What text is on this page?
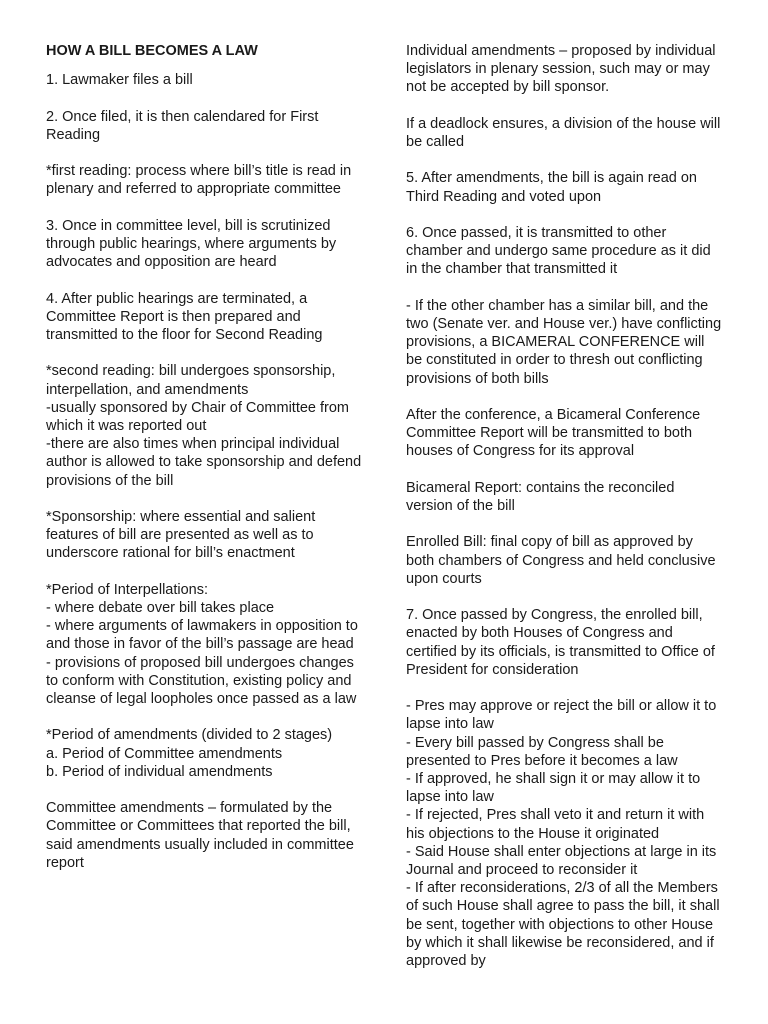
HOW A BILL BECOMES A LAW
1. Lawmaker files a bill
2. Once filed, it is then calendared for First Reading
*first reading: process where bill’s title is read in plenary and referred to appropriate committee
3. Once in committee level, bill is scrutinized through public hearings, where arguments by advocates and opposition are heard
4. After public hearings are terminated, a Committee Report is then prepared and transmitted to the floor for Second Reading
*second reading: bill undergoes sponsorship, interpellation, and amendments
-usually sponsored by Chair of Committee from which it was reported out
-there are also times when principal individual author is allowed to take sponsorship and defend provisions of the bill
*Sponsorship: where essential and salient features of bill are presented as well as to underscore rational for bill’s enactment
*Period of Interpellations:
- where debate over bill takes place
- where arguments of lawmakers in opposition to and those in favor of the bill’s passage are head
- provisions of proposed bill undergoes changes to conform with Constitution, existing policy and cleanse of legal loopholes once passed as a law
*Period of amendments (divided to 2 stages)
a. Period of Committee amendments
b. Period of individual amendments
Committee amendments – formulated by the Committee or Committees that reported the bill, said amendments usually included in committee report
Individual amendments – proposed by individual legislators in plenary session, such may or may not be accepted by bill sponsor.
If a deadlock ensures, a division of the house will be called
5. After amendments, the bill is again read on Third Reading and voted upon
6. Once passed, it is transmitted to other chamber and undergo same procedure as it did in the chamber that transmitted it
- If the other chamber has a similar bill, and the two (Senate ver. and House ver.) have conflicting provisions, a BICAMERAL CONFERENCE will be constituted in order to thresh out conflicting provisions of both bills
After the conference, a Bicameral Conference Committee Report will be transmitted to both houses of Congress for its approval
Bicameral Report: contains the reconciled version of the bill
Enrolled Bill: final copy of bill as approved by both chambers of Congress and held conclusive upon courts
7. Once passed by Congress, the enrolled bill, enacted by both Houses of Congress and certified by its officials, is transmitted to Office of President for consideration
- Pres may approve or reject the bill or allow it to lapse into law
- Every bill passed by Congress shall be presented to Pres before it becomes a law
- If approved, he shall sign it or may allow it to lapse into law
- If rejected, Pres shall veto it and return it with his objections to the House it originated
- Said House shall enter objections at large in its Journal and proceed to reconsider it
- If after reconsiderations, 2/3 of all the Members of such House shall agree to pass the bill, it shall be sent, together with objections to other House by which it shall likewise be reconsidered, and if approved by
